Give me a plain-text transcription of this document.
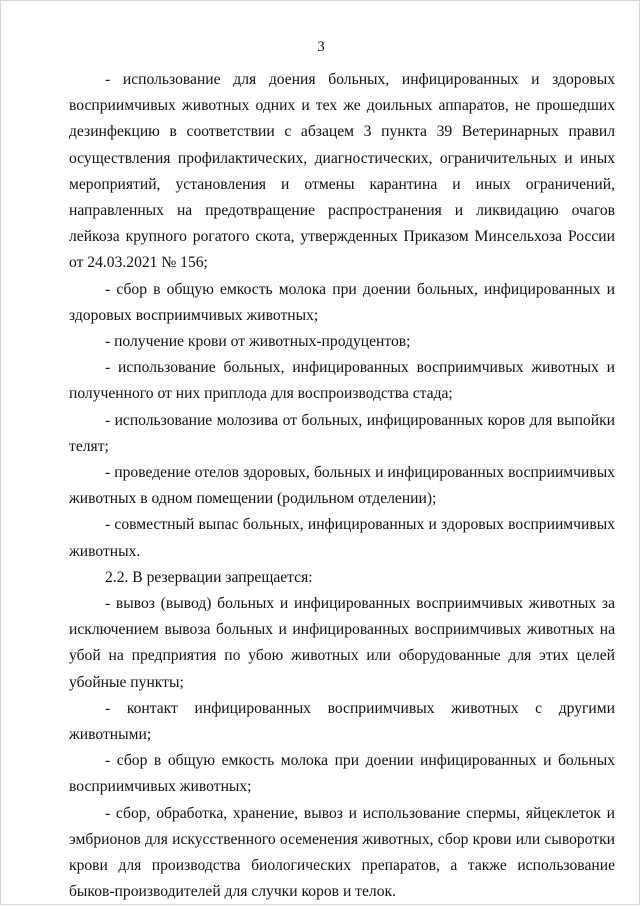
3

- использование для доения больных, инфицированных и здоровых восприимчивых животных одних и тех же доильных аппаратов, не прошедших дезинфекцию в соответствии с абзацем 3 пункта 39 Ветеринарных правил осуществления профилактических, диагностических, ограничительных и иных мероприятий, установления и отмены карантина и иных ограничений, направленных на предотвращение распространения и ликвидацию очагов лейкоза крупного рогатого скота, утвержденных Приказом Минсельхоза России от 24.03.2021 № 156;

- сбор в общую емкость молока при доении больных, инфицированных и здоровых восприимчивых животных;

- получение крови от животных-продуцентов;

- использование больных, инфицированных восприимчивых животных и полученного от них приплода для воспроизводства стада;

- использование молозива от больных, инфицированных коров для выпойки телят;

- проведение отелов здоровых, больных и инфицированных восприимчивых животных в одном помещении (родильном отделении);

- совместный выпас больных, инфицированных и здоровых восприимчивых животных.

2.2. В резервации запрещается:

- вывоз (вывод) больных и инфицированных восприимчивых животных за исключением вывоза больных и инфицированных восприимчивых животных на убой на предприятия по убою животных или оборудованные для этих целей убойные пункты;

- контакт инфицированных восприимчивых животных с другими животными;

- сбор в общую емкость молока при доении инфицированных и больных восприимчивых животных;

- сбор, обработка, хранение, вывоз и использование спермы, яйцеклеток и эмбрионов для искусственного осеменения животных, сбор крови или сыворотки крови для производства биологических препаратов, а также использование быков-производителей для случки коров и телок.
